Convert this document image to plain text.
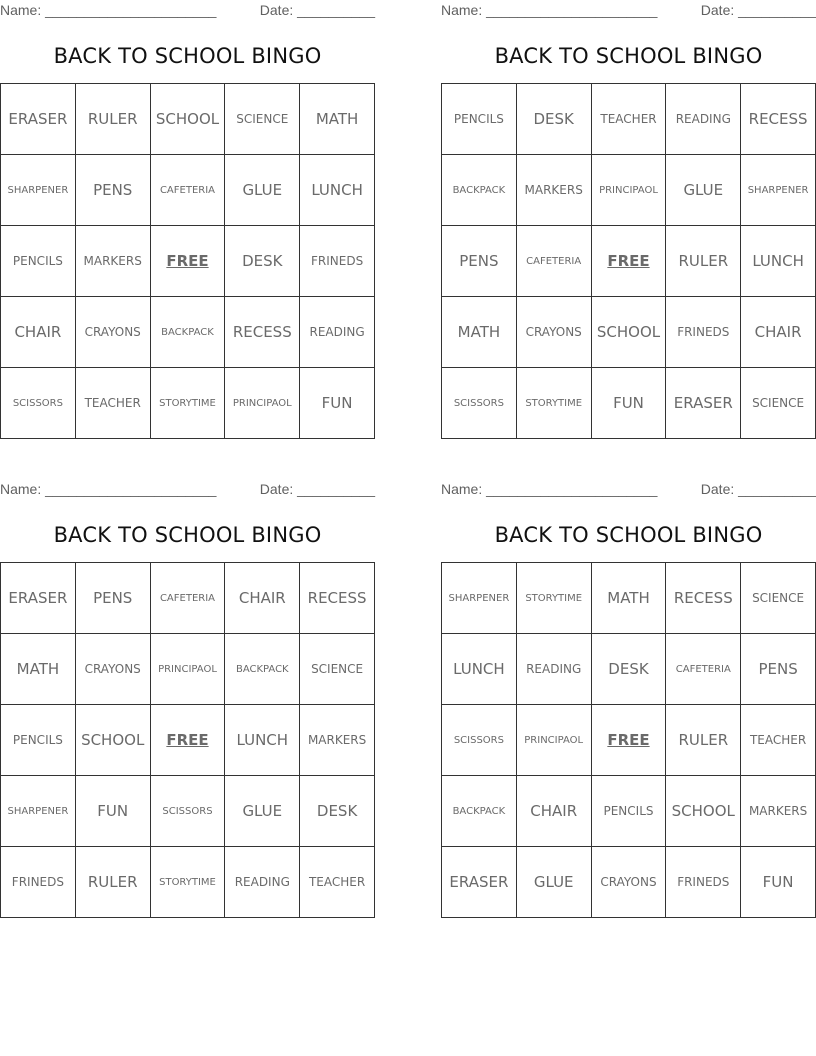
Name: ______________________	Date: __________
BACK TO SCHOOL BINGO
ERASER	RULER	SCHOOL	SCIENCE	MATH
SHARPENER	PENS	CAFETERIA	GLUE	LUNCH
PENCILS	MARKERS	FREE	DESK	FRINEDS
CHAIR	CRAYONS	BACKPACK	RECESS	READING
SCISSORS	TEACHER	STORYTIME	PRINCIPAOL	FUN
Name: ______________________	Date: __________
BACK TO SCHOOL BINGO
PENCILS	DESK	TEACHER	READING	RECESS
BACKPACK	MARKERS	PRINCIPAOL	GLUE	SHARPENER
PENS	CAFETERIA	FREE	RULER	LUNCH
MATH	CRAYONS	SCHOOL	FRINEDS	CHAIR
SCISSORS	STORYTIME	FUN	ERASER	SCIENCE
Name: ______________________	Date: __________
BACK TO SCHOOL BINGO
ERASER	PENS	CAFETERIA	CHAIR	RECESS
MATH	CRAYONS	PRINCIPAOL	BACKPACK	SCIENCE
PENCILS	SCHOOL	FREE	LUNCH	MARKERS
SHARPENER	FUN	SCISSORS	GLUE	DESK
FRINEDS	RULER	STORYTIME	READING	TEACHER
Name: ______________________	Date: __________
BACK TO SCHOOL BINGO
SHARPENER	STORYTIME	MATH	RECESS	SCIENCE
LUNCH	READING	DESK	CAFETERIA	PENS
SCISSORS	PRINCIPAOL	FREE	RULER	TEACHER
BACKPACK	CHAIR	PENCILS	SCHOOL	MARKERS
ERASER	GLUE	CRAYONS	FRINEDS	FUN
